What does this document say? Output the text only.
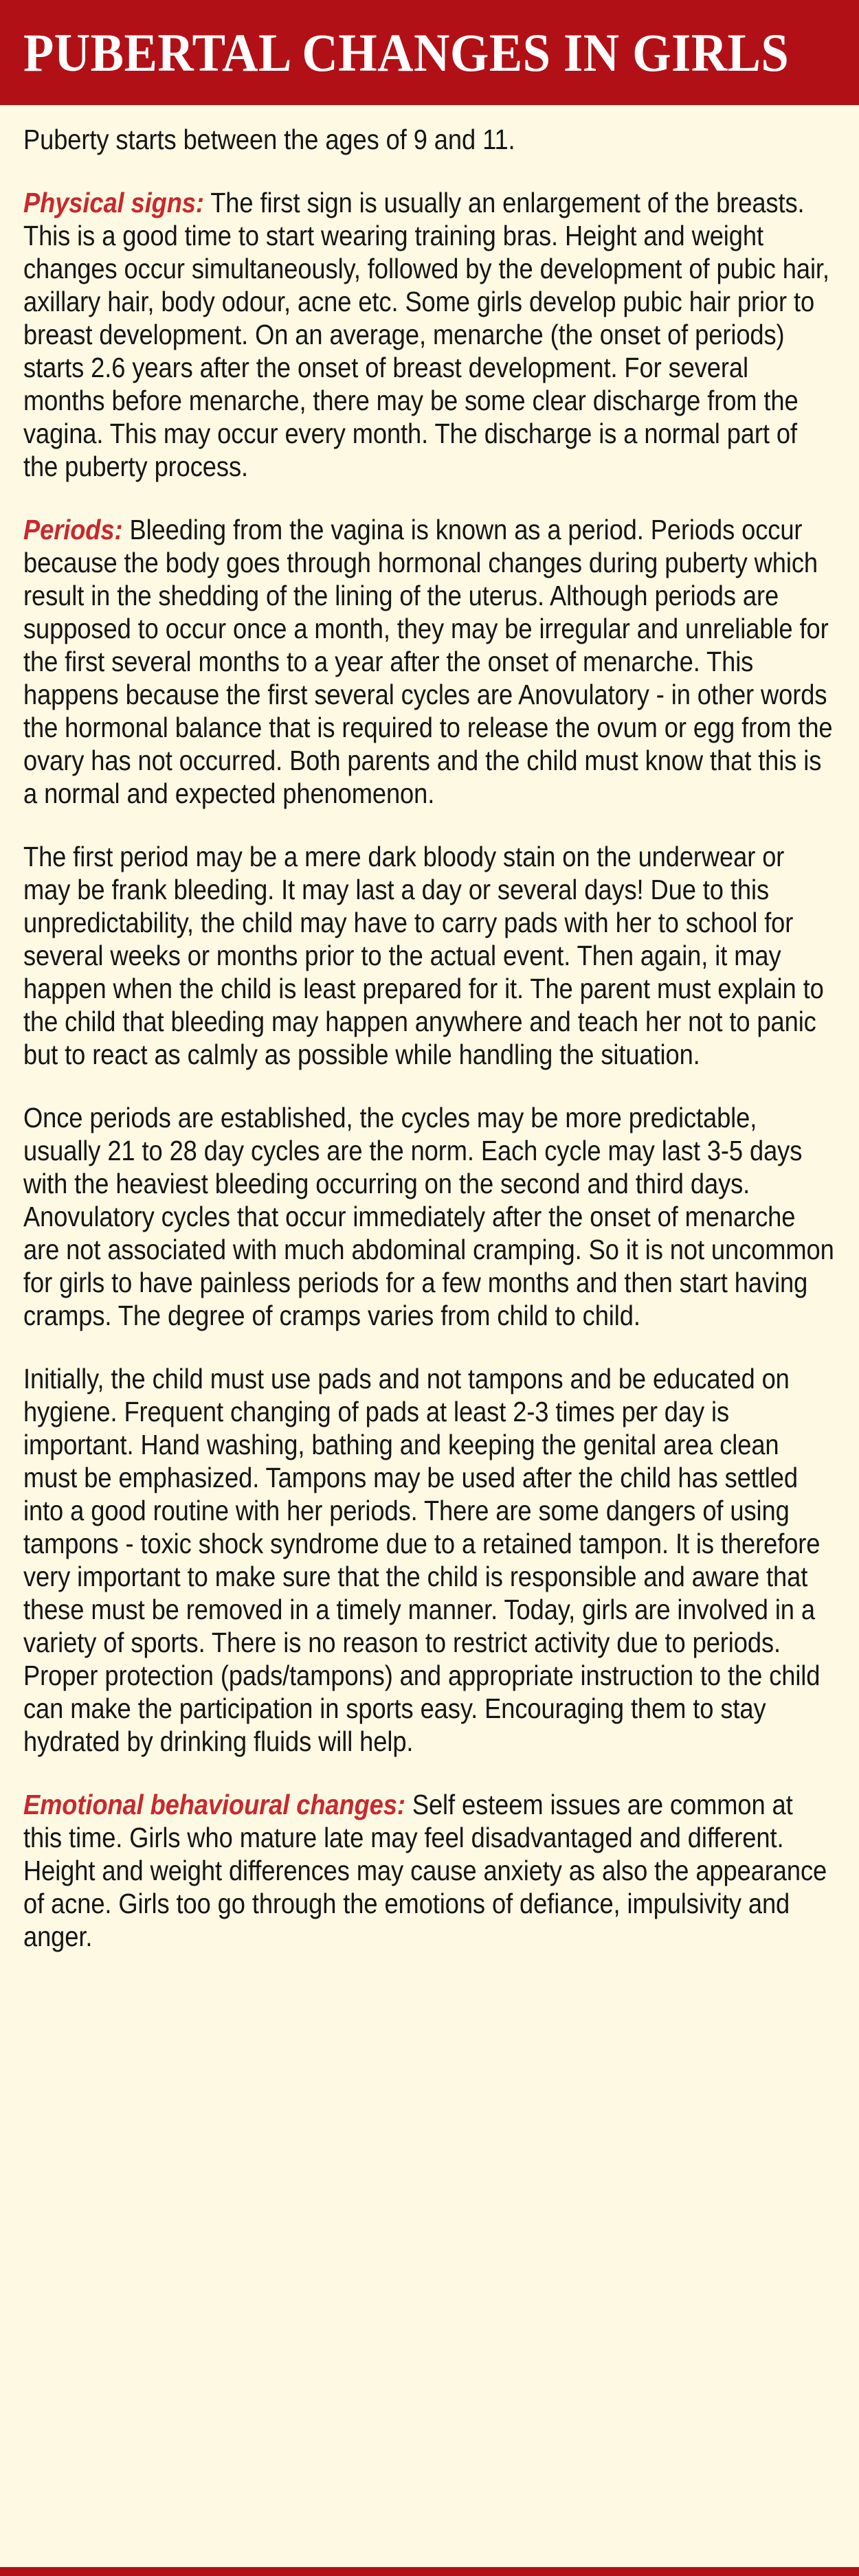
PUBERTAL CHANGES IN GIRLS

Puberty starts between the ages of 9 and 11.

Physical signs: The first sign is usually an enlargement of the breasts. This is a good time to start wearing training bras. Height and weight changes occur simultaneously, followed by the development of pubic hair, axillary hair, body odour, acne etc. Some girls develop pubic hair prior to breast development. On an average, menarche (the onset of periods) starts 2.6 years after the onset of breast development. For several months before menarche, there may be some clear discharge from the vagina. This may occur every month. The discharge is a normal part of the puberty process.

Periods: Bleeding from the vagina is known as a period. Periods occur because the body goes through hormonal changes during puberty which result in the shedding of the lining of the uterus. Although periods are supposed to occur once a month, they may be irregular and unreliable for the first several months to a year after the onset of menarche. This happens because the first several cycles are Anovulatory - in other words the hormonal balance that is required to release the ovum or egg from the ovary has not occurred. Both parents and the child must know that this is a normal and expected phenomenon.

The first period may be a mere dark bloody stain on the underwear or may be frank bleeding. It may last a day or several days! Due to this unpredictability, the child may have to carry pads with her to school for several weeks or months prior to the actual event. Then again, it may happen when the child is least prepared for it. The parent must explain to the child that bleeding may happen anywhere and teach her not to panic but to react as calmly as possible while handling the situation.

Once periods are established, the cycles may be more predictable, usually 21 to 28 day cycles are the norm. Each cycle may last 3-5 days with the heaviest bleeding occurring on the second and third days. Anovulatory cycles that occur immediately after the onset of menarche are not associated with much abdominal cramping. So it is not uncommon for girls to have painless periods for a few months and then start having cramps. The degree of cramps varies from child to child.

Initially, the child must use pads and not tampons and be educated on hygiene. Frequent changing of pads at least 2-3 times per day is important. Hand washing, bathing and keeping the genital area clean must be emphasized. Tampons may be used after the child has settled into a good routine with her periods. There are some dangers of using tampons - toxic shock syndrome due to a retained tampon. It is therefore very important to make sure that the child is responsible and aware that these must be removed in a timely manner. Today, girls are involved in a variety of sports. There is no reason to restrict activity due to periods. Proper protection (pads/tampons) and appropriate instruction to the child can make the participation in sports easy. Encouraging them to stay hydrated by drinking fluids will help.

Emotional behavioural changes: Self esteem issues are common at this time. Girls who mature late may feel disadvantaged and different. Height and weight differences may cause anxiety as also the appearance of acne. Girls too go through the emotions of defiance, impulsivity and anger.
